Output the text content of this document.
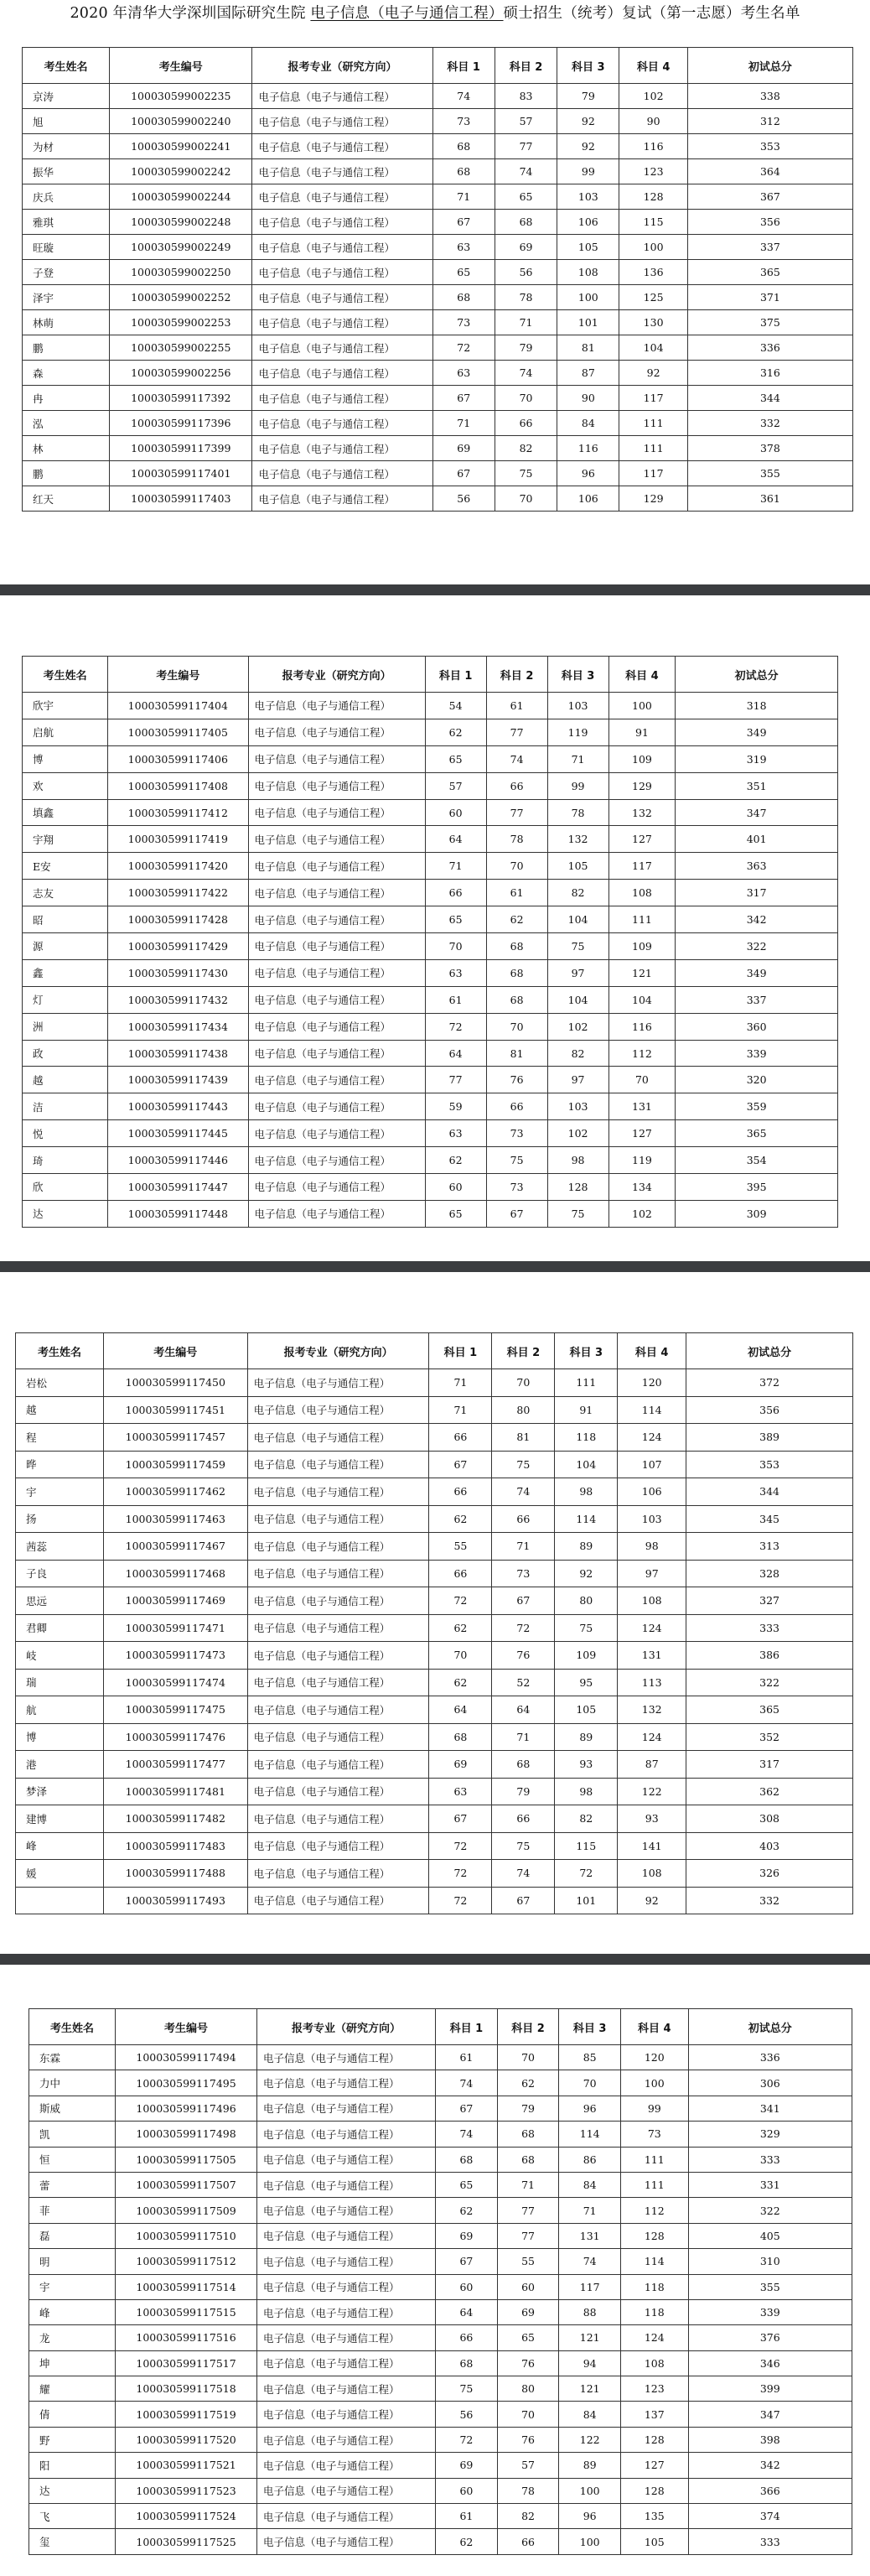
2020 年清华大学深圳国际研究生院 电子信息（电子与通信工程）硕士招生（统考）复试（第一志愿）考生名单
考生姓名	考生编号	报考专业（研究方向）	科目 1	科目 2	科目 3	科目 4	初试总分
京涛	100030599002235	电子信息（电子与通信工程）	74	83	79	102	338
旭	100030599002240	电子信息（电子与通信工程）	73	57	92	90	312
为材	100030599002241	电子信息（电子与通信工程）	68	77	92	116	353
振华	100030599002242	电子信息（电子与通信工程）	68	74	99	123	364
庆兵	100030599002244	电子信息（电子与通信工程）	71	65	103	128	367
雅琪	100030599002248	电子信息（电子与通信工程）	67	68	106	115	356
旺璇	100030599002249	电子信息（电子与通信工程）	63	69	105	100	337
子登	100030599002250	电子信息（电子与通信工程）	65	56	108	136	365
泽宇	100030599002252	电子信息（电子与通信工程）	68	78	100	125	371
林萌	100030599002253	电子信息（电子与通信工程）	73	71	101	130	375
鹏	100030599002255	电子信息（电子与通信工程）	72	79	81	104	336
森	100030599002256	电子信息（电子与通信工程）	63	74	87	92	316
冉	100030599117392	电子信息（电子与通信工程）	67	70	90	117	344
泓	100030599117396	电子信息（电子与通信工程）	71	66	84	111	332
林	100030599117399	电子信息（电子与通信工程）	69	82	116	111	378
鹏	100030599117401	电子信息（电子与通信工程）	67	75	96	117	355
红天	100030599117403	电子信息（电子与通信工程）	56	70	106	129	361
考生姓名	考生编号	报考专业（研究方向）	科目 1	科目 2	科目 3	科目 4	初试总分
欣宇	100030599117404	电子信息（电子与通信工程）	54	61	103	100	318
启航	100030599117405	电子信息（电子与通信工程）	62	77	119	91	349
博	100030599117406	电子信息（电子与通信工程）	65	74	71	109	319
欢	100030599117408	电子信息（电子与通信工程）	57	66	99	129	351
填鑫	100030599117412	电子信息（电子与通信工程）	60	77	78	132	347
宇翔	100030599117419	电子信息（电子与通信工程）	64	78	132	127	401
E安	100030599117420	电子信息（电子与通信工程）	71	70	105	117	363
志友	100030599117422	电子信息（电子与通信工程）	66	61	82	108	317
昭	100030599117428	电子信息（电子与通信工程）	65	62	104	111	342
源	100030599117429	电子信息（电子与通信工程）	70	68	75	109	322
鑫	100030599117430	电子信息（电子与通信工程）	63	68	97	121	349
灯	100030599117432	电子信息（电子与通信工程）	61	68	104	104	337
洲	100030599117434	电子信息（电子与通信工程）	72	70	102	116	360
政	100030599117438	电子信息（电子与通信工程）	64	81	82	112	339
越	100030599117439	电子信息（电子与通信工程）	77	76	97	70	320
洁	100030599117443	电子信息（电子与通信工程）	59	66	103	131	359
悦	100030599117445	电子信息（电子与通信工程）	63	73	102	127	365
琦	100030599117446	电子信息（电子与通信工程）	62	75	98	119	354
欣	100030599117447	电子信息（电子与通信工程）	60	73	128	134	395
达	100030599117448	电子信息（电子与通信工程）	65	67	75	102	309
考生姓名	考生编号	报考专业（研究方向）	科目 1	科目 2	科目 3	科目 4	初试总分
岩松	100030599117450	电子信息（电子与通信工程）	71	70	111	120	372
越	100030599117451	电子信息（电子与通信工程）	71	80	91	114	356
程	100030599117457	电子信息（电子与通信工程）	66	81	118	124	389
晔	100030599117459	电子信息（电子与通信工程）	67	75	104	107	353
宇	100030599117462	电子信息（电子与通信工程）	66	74	98	106	344
扬	100030599117463	电子信息（电子与通信工程）	62	66	114	103	345
茜蕊	100030599117467	电子信息（电子与通信工程）	55	71	89	98	313
子良	100030599117468	电子信息（电子与通信工程）	66	73	92	97	328
思远	100030599117469	电子信息（电子与通信工程）	72	67	80	108	327
君卿	100030599117471	电子信息（电子与通信工程）	62	72	75	124	333
岐	100030599117473	电子信息（电子与通信工程）	70	76	109	131	386
瑞	100030599117474	电子信息（电子与通信工程）	62	52	95	113	322
航	100030599117475	电子信息（电子与通信工程）	64	64	105	132	365
博	100030599117476	电子信息（电子与通信工程）	68	71	89	124	352
港	100030599117477	电子信息（电子与通信工程）	69	68	93	87	317
梦泽	100030599117481	电子信息（电子与通信工程）	63	79	98	122	362
建博	100030599117482	电子信息（电子与通信工程）	67	66	82	93	308
峰	100030599117483	电子信息（电子与通信工程）	72	75	115	141	403
媛	100030599117488	电子信息（电子与通信工程）	72	74	72	108	326
	100030599117493	电子信息（电子与通信工程）	72	67	101	92	332
考生姓名	考生编号	报考专业（研究方向）	科目 1	科目 2	科目 3	科目 4	初试总分
东霖	100030599117494	电子信息（电子与通信工程）	61	70	85	120	336
力中	100030599117495	电子信息（电子与通信工程）	74	62	70	100	306
斯威	100030599117496	电子信息（电子与通信工程）	67	79	96	99	341
凯	100030599117498	电子信息（电子与通信工程）	74	68	114	73	329
恒	100030599117505	电子信息（电子与通信工程）	68	68	86	111	333
蕾	100030599117507	电子信息（电子与通信工程）	65	71	84	111	331
菲	100030599117509	电子信息（电子与通信工程）	62	77	71	112	322
磊	100030599117510	电子信息（电子与通信工程）	69	77	131	128	405
明	100030599117512	电子信息（电子与通信工程）	67	55	74	114	310
宇	100030599117514	电子信息（电子与通信工程）	60	60	117	118	355
峰	100030599117515	电子信息（电子与通信工程）	64	69	88	118	339
龙	100030599117516	电子信息（电子与通信工程）	66	65	121	124	376
坤	100030599117517	电子信息（电子与通信工程）	68	76	94	108	346
耀	100030599117518	电子信息（电子与通信工程）	75	80	121	123	399
倩	100030599117519	电子信息（电子与通信工程）	56	70	84	137	347
野	100030599117520	电子信息（电子与通信工程）	72	76	122	128	398
阳	100030599117521	电子信息（电子与通信工程）	69	57	89	127	342
达	100030599117523	电子信息（电子与通信工程）	60	78	100	128	366
飞	100030599117524	电子信息（电子与通信工程）	61	82	96	135	374
玺	100030599117525	电子信息（电子与通信工程）	62	66	100	105	333
